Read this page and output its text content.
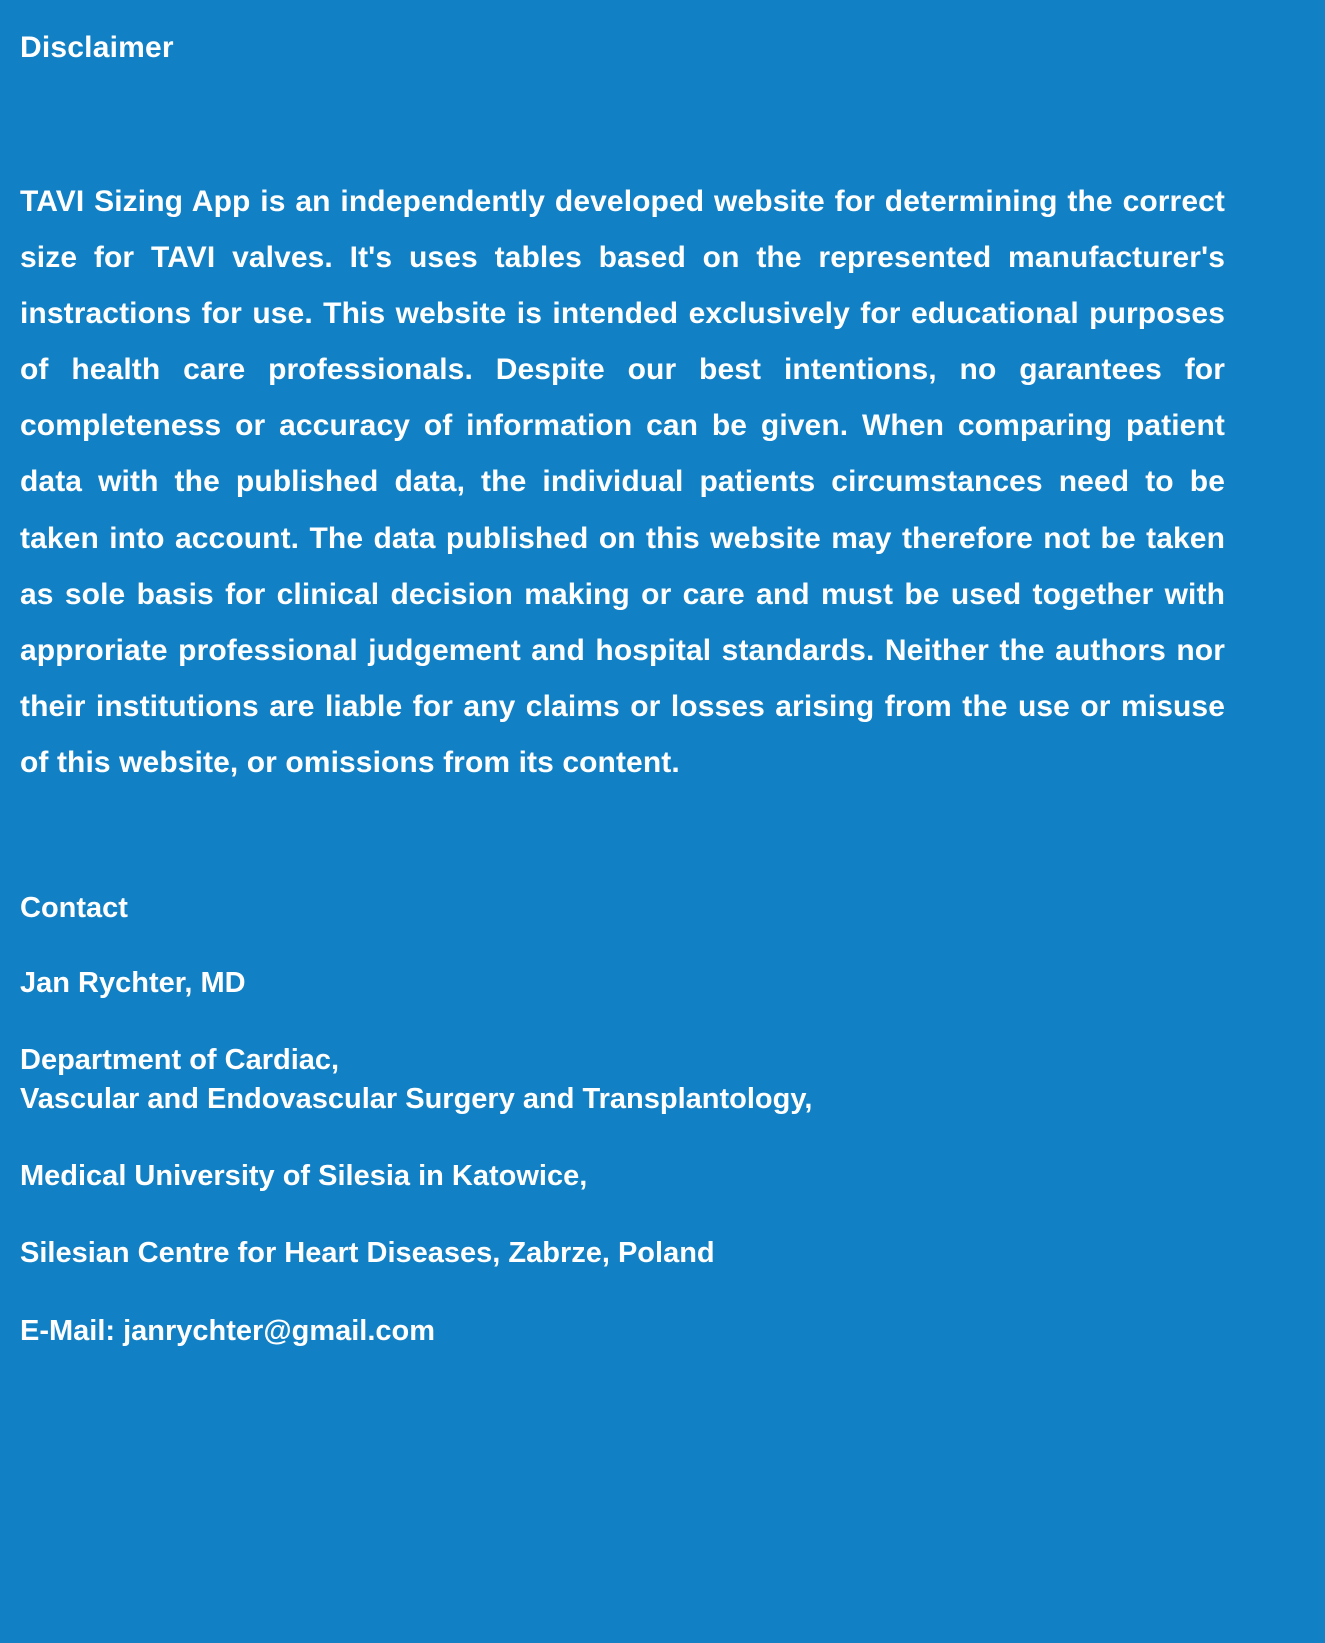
Disclaimer

TAVI Sizing App is an independently developed website for determining the correct size for TAVI valves. It's uses tables based on the represented manufacturer's instractions for use. This website is intended exclusively for educational purposes of health care professionals. Despite our best intentions, no garantees for completeness or accuracy of information can be given. When comparing patient data with the published data, the individual patients circumstances need to be taken into account. The data published on this website may therefore not be taken as sole basis for clinical decision making or care and must be used together with approriate professional judgement and hospital standards. Neither the authors nor their institutions are liable for any claims or losses arising from the use or misuse of this website, or omissions from its content.

Contact
Jan Rychter, MD
Department of Cardiac,
Vascular and Endovascular Surgery and Transplantology,
Medical University of Silesia in Katowice,
Silesian Centre for Heart Diseases, Zabrze, Poland
E-Mail: janrychter@gmail.com
